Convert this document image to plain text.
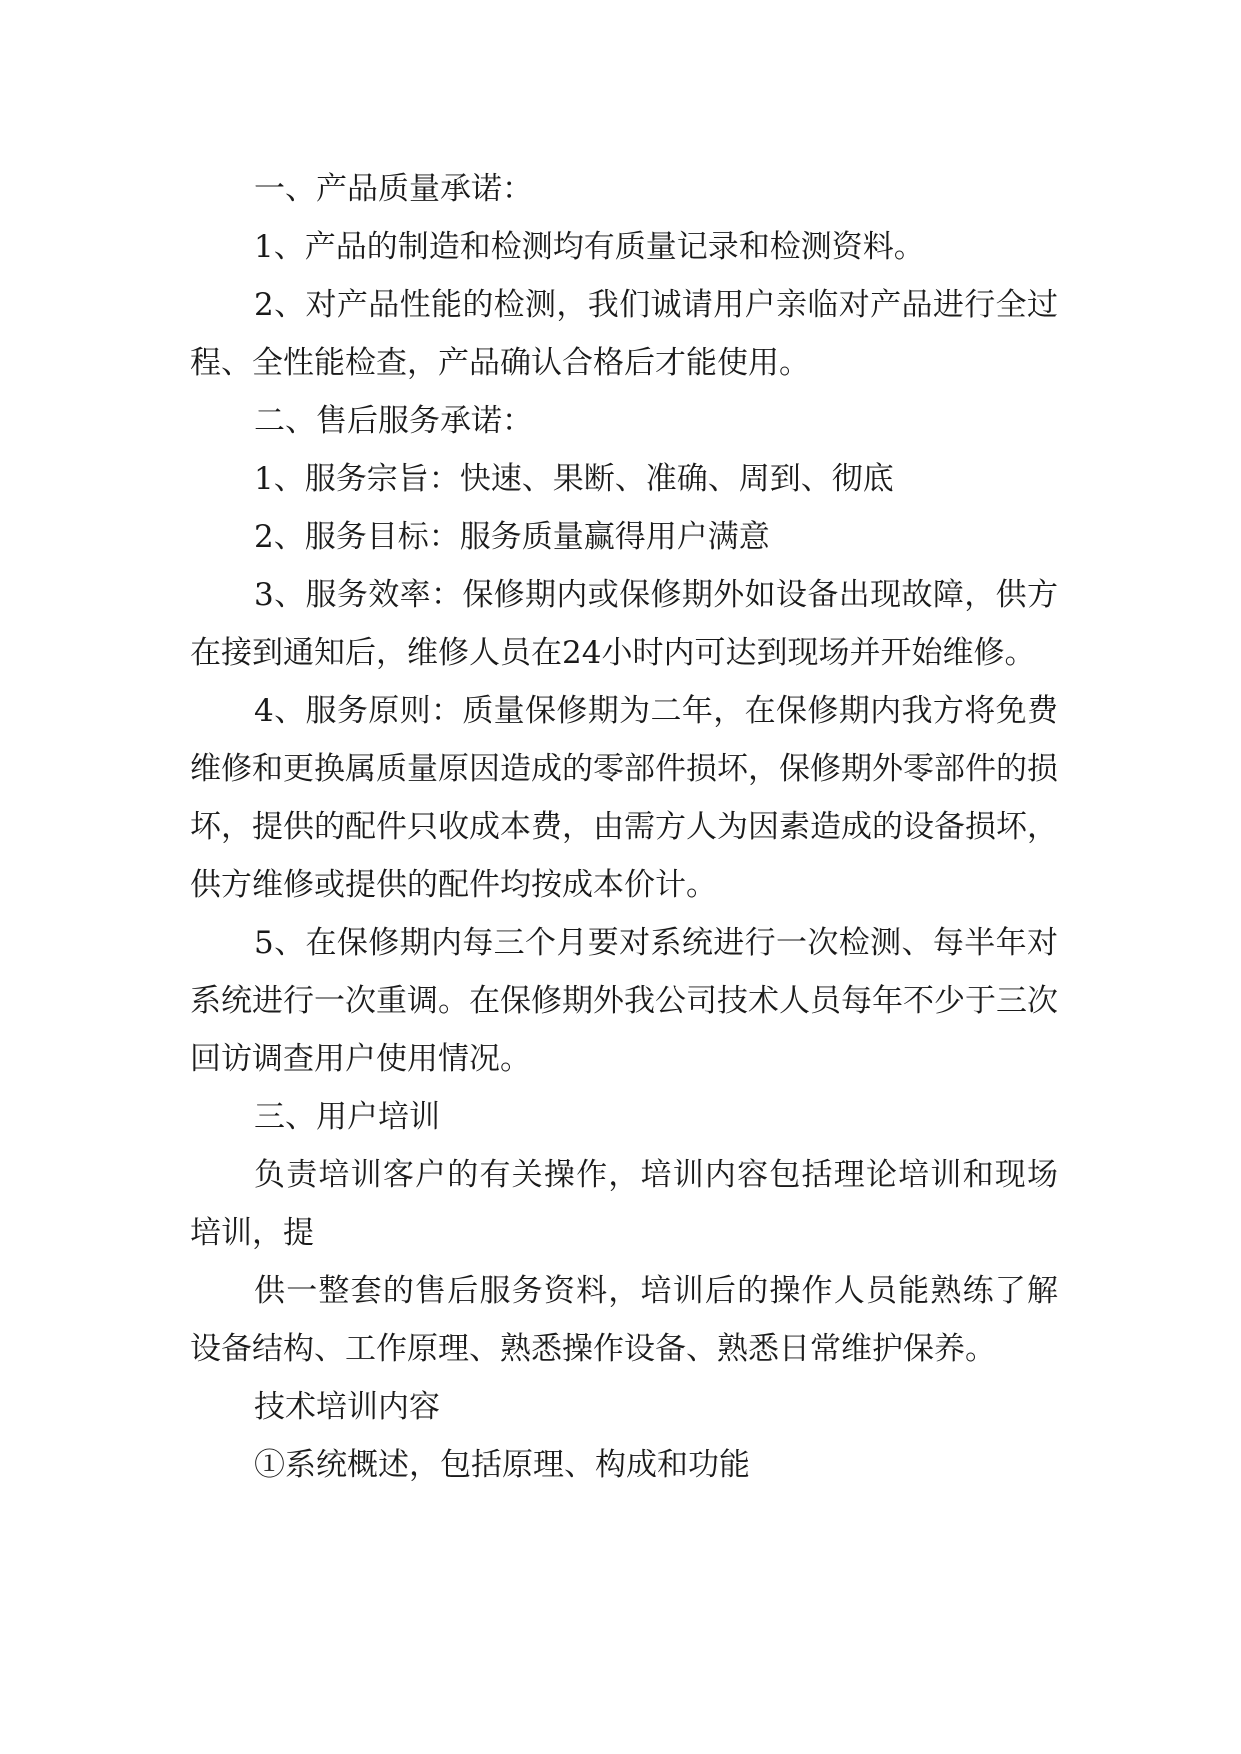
一、产品质量承诺：

1、产品的制造和检测均有质量记录和检测资料。

2、对产品性能的检测，我们诚请用户亲临对产品进行全过程、全性能检查，产品确认合格后才能使用。

二、售后服务承诺：

1、服务宗旨：快速、果断、准确、周到、彻底

2、服务目标：服务质量赢得用户满意

3、服务效率：保修期内或保修期外如设备出现故障，供方在接到通知后，维修人员在24小时内可达到现场并开始维修。

4、服务原则：质量保修期为二年，在保修期内我方将免费维修和更换属质量原因造成的零部件损坏，保修期外零部件的损坏，提供的配件只收成本费，由需方人为因素造成的设备损坏，供方维修或提供的配件均按成本价计。

5、在保修期内每三个月要对系统进行一次检测、每半年对系统进行一次重调。在保修期外我公司技术人员每年不少于三次回访调查用户使用情况。

三、用户培训

负责培训客户的有关操作，培训内容包括理论培训和现场培训，提

供一整套的售后服务资料，培训后的操作人员能熟练了解设备结构、工作原理、熟悉操作设备、熟悉日常维护保养。

技术培训内容

①系统概述，包括原理、构成和功能
